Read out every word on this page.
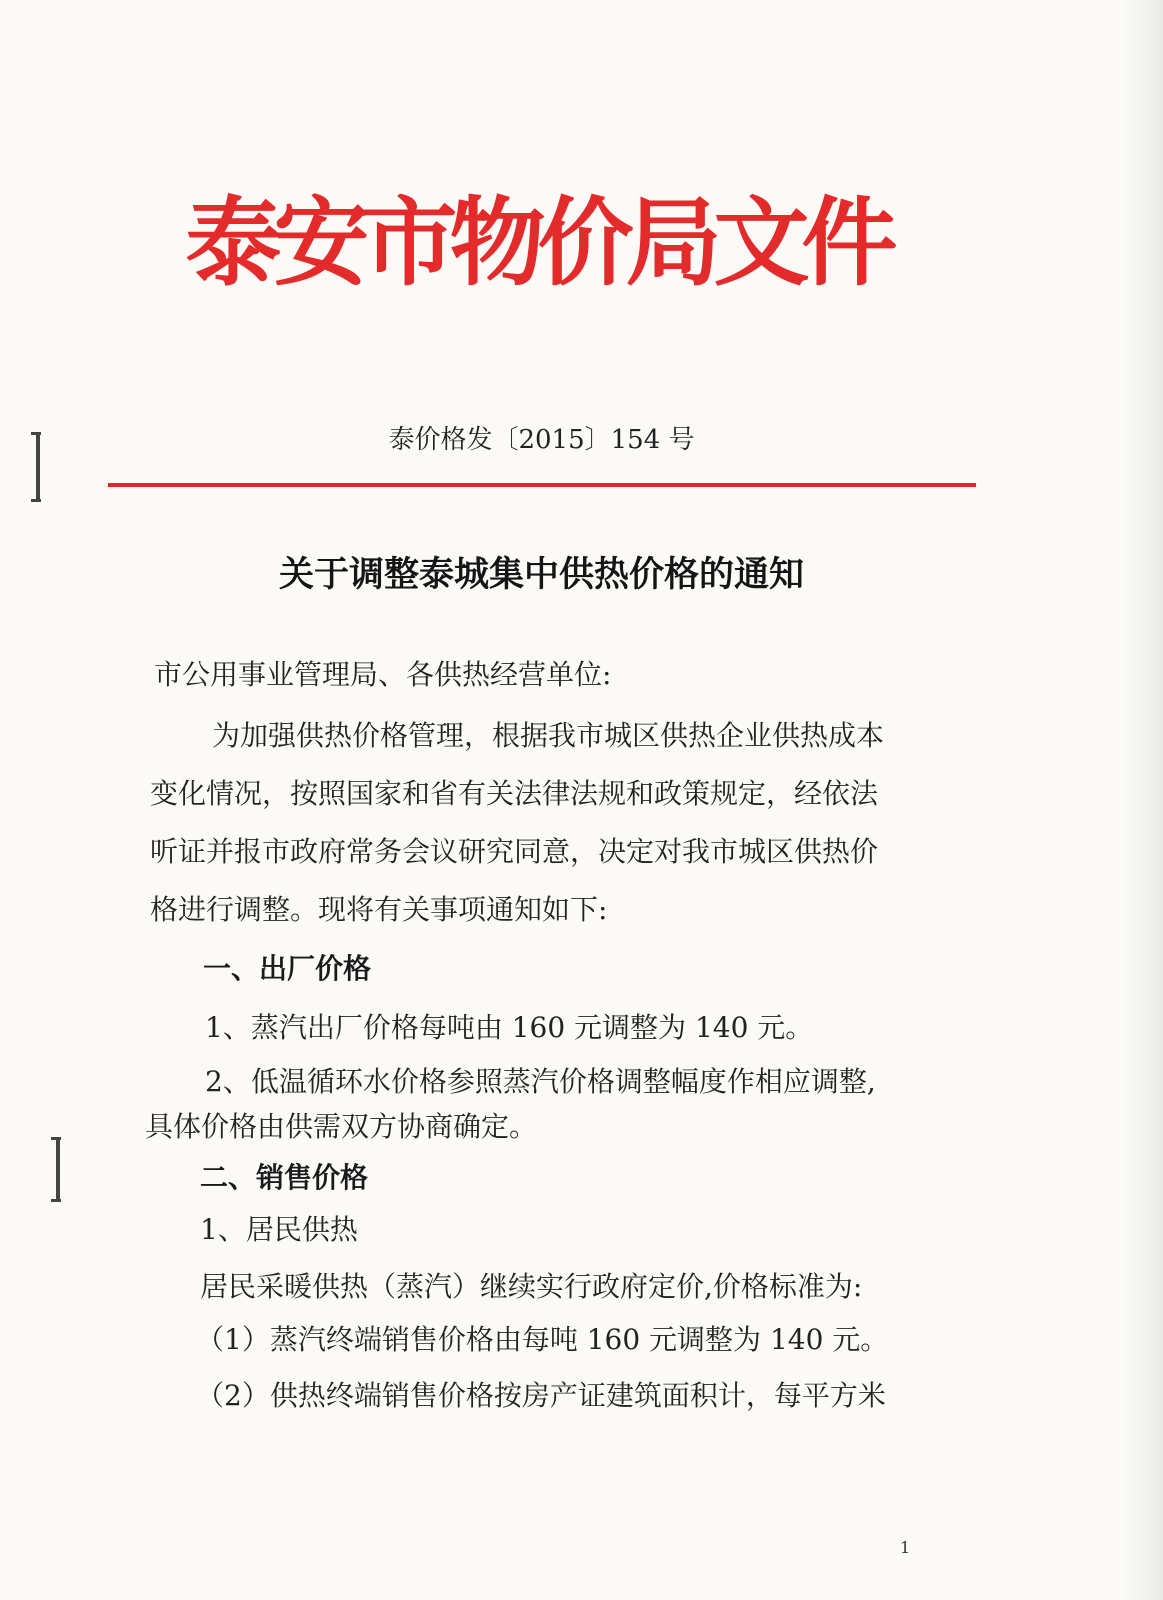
泰安市物价局文件
泰价格发〔2015〕154 号
关于调整泰城集中供热价格的通知
市公用事业管理局、各供热经营单位:
为加强供热价格管理，根据我市城区供热企业供热成本
变化情况，按照国家和省有关法律法规和政策规定，经依法
听证并报市政府常务会议研究同意，决定对我市城区供热价
格进行调整。现将有关事项通知如下:
一、出厂价格
1、蒸汽出厂价格每吨由 160 元调整为 140 元。
2、低温循环水价格参照蒸汽价格调整幅度作相应调整,
具体价格由供需双方协商确定。
二、销售价格
1、居民供热
居民采暖供热（蒸汽）继续实行政府定价,价格标准为:
（1）蒸汽终端销售价格由每吨 160 元调整为 140 元。
（2）供热终端销售价格按房产证建筑面积计，每平方米
1
